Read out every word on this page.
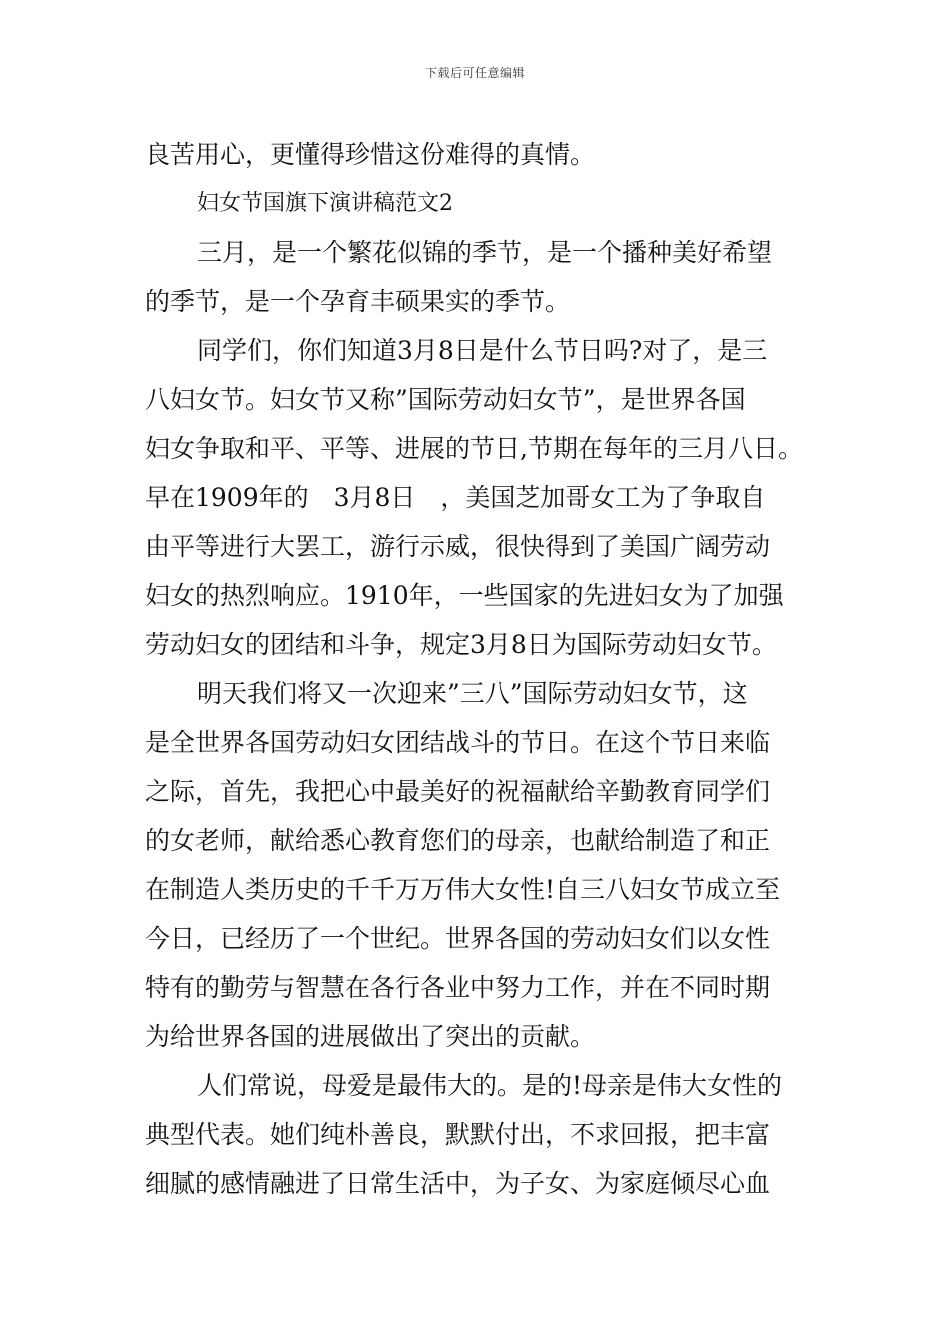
下载后可任意编辑
良苦用心，更懂得珍惜这份难得的真情。
妇女节国旗下演讲稿范文2
三月，是一个繁花似锦的季节，是一个播种美好希望
的季节，是一个孕育丰硕果实的季节。
同学们，你们知道3月8日是什么节日吗?对了，是三
八妇女节。妇女节又称”国际劳动妇女节”，是世界各国
妇女争取和平、平等、进展的节日,节期在每年的三月八日。
早在1909年的　3月8日　，美国芝加哥女工为了争取自
由平等进行大罢工，游行示威，很快得到了美国广阔劳动
妇女的热烈响应。1910年，一些国家的先进妇女为了加强
劳动妇女的团结和斗争，规定3月8日为国际劳动妇女节。
明天我们将又一次迎来”三八”国际劳动妇女节，这
是全世界各国劳动妇女团结战斗的节日。在这个节日来临
之际，首先，我把心中最美好的祝福献给辛勤教育同学们
的女老师，献给悉心教育您们的母亲，也献给制造了和正
在制造人类历史的千千万万伟大女性!自三八妇女节成立至
今日，已经历了一个世纪。世界各国的劳动妇女们以女性
特有的勤劳与智慧在各行各业中努力工作，并在不同时期
为给世界各国的进展做出了突出的贡献。
人们常说，母爱是最伟大的。是的!母亲是伟大女性的
典型代表。她们纯朴善良，默默付出，不求回报，把丰富
细腻的感情融进了日常生活中，为子女、为家庭倾尽心血
